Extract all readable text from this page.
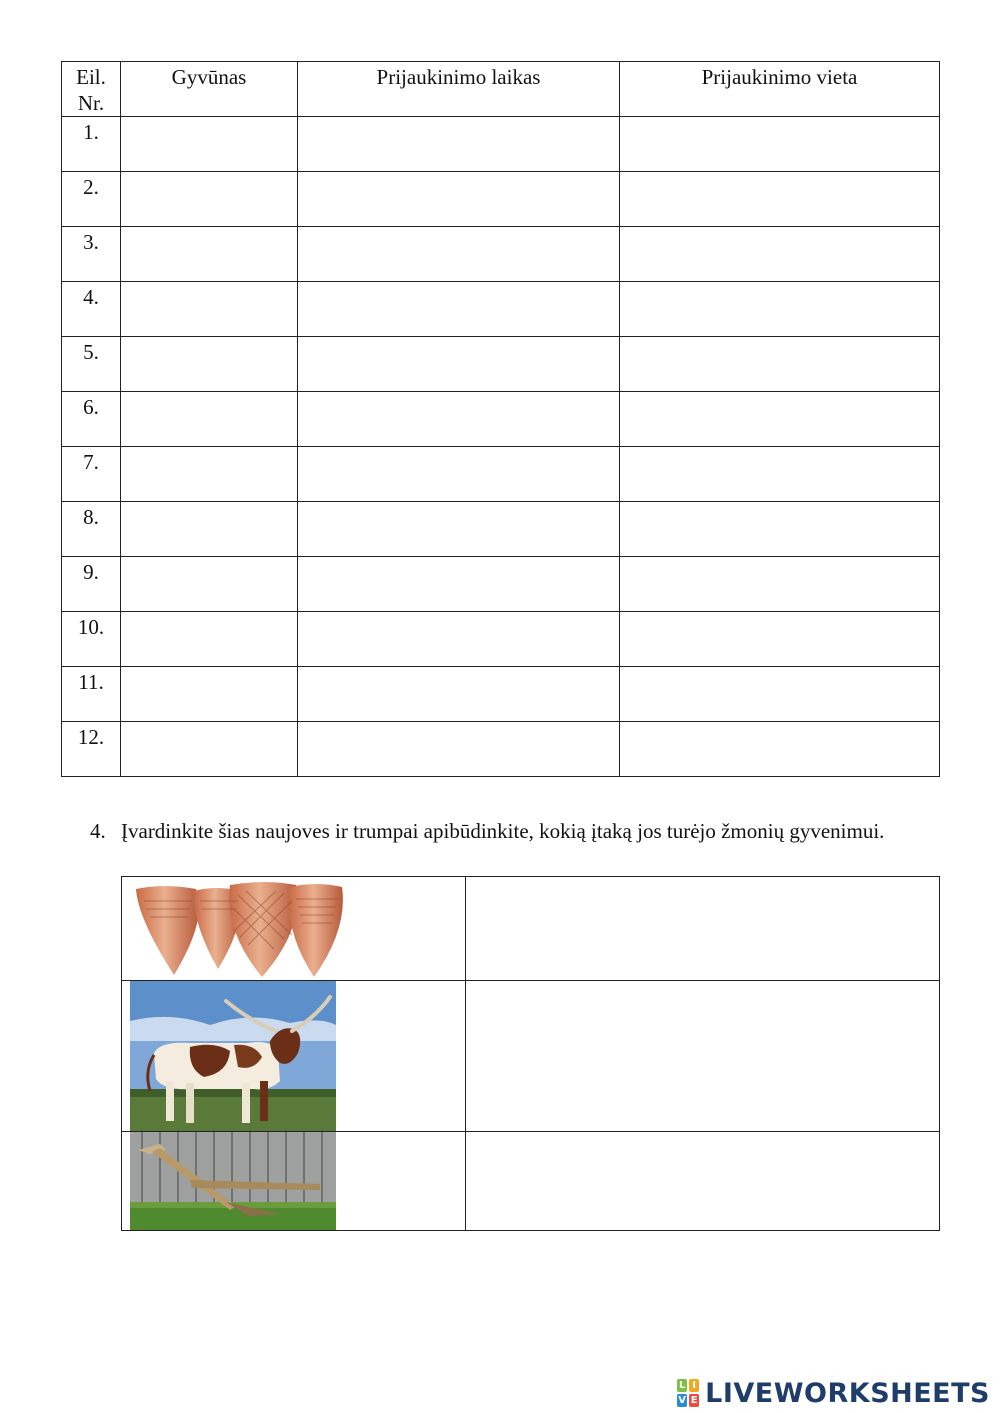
Eil.
Nr.	Gyvūnas	Prijaukinimo laikas	Prijaukinimo vieta
1.			
2.			
3.			
4.			
5.			
6.			
7.			
8.			
9.			
10.			
11.			
12.			
4. Įvardinkite šias naujoves ir trumpai apibūdinkite, kokią įtaką jos turėjo žmonių gyvenimui.

L I
V E LIVEWORKSHEETS
